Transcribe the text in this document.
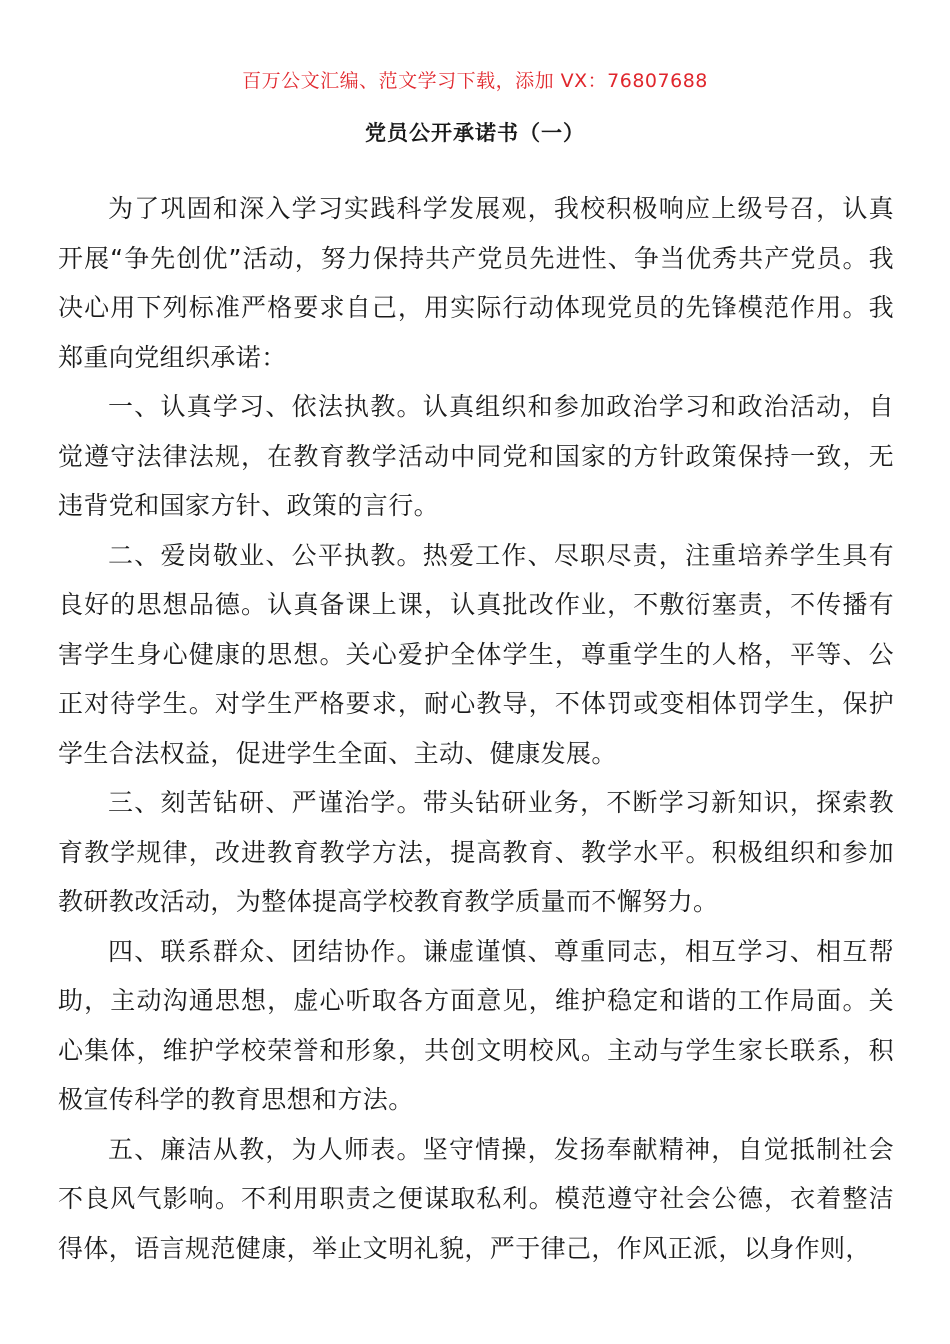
百万公文汇编、范文学习下载，添加 VX：76807688
党员公开承诺书（一）

为了巩固和深入学习实践科学发展观，我校积极响应上级号召，认真开展“争先创优”活动，努力保持共产党员先进性、争当优秀共产党员。我决心用下列标准严格要求自己，用实际行动体现党员的先锋模范作用。我郑重向党组织承诺：

一、认真学习、依法执教。认真组织和参加政治学习和政治活动，自觉遵守法律法规，在教育教学活动中同党和国家的方针政策保持一致，无违背党和国家方针、政策的言行。

二、爱岗敬业、公平执教。热爱工作、尽职尽责，注重培养学生具有良好的思想品德。认真备课上课，认真批改作业，不敷衍塞责，不传播有害学生身心健康的思想。关心爱护全体学生，尊重学生的人格，平等、公正对待学生。对学生严格要求，耐心教导，不体罚或变相体罚学生，保护学生合法权益，促进学生全面、主动、健康发展。

三、刻苦钻研、严谨治学。带头钻研业务，不断学习新知识，探索教育教学规律，改进教育教学方法，提高教育、教学水平。积极组织和参加教研教改活动，为整体提高学校教育教学质量而不懈努力。

四、联系群众、团结协作。谦虚谨慎、尊重同志，相互学习、相互帮助，主动沟通思想，虚心听取各方面意见，维护稳定和谐的工作局面。关心集体，维护学校荣誉和形象，共创文明校风。主动与学生家长联系，积极宣传科学的教育思想和方法。

五、廉洁从教，为人师表。坚守情操，发扬奉献精神，自觉抵制社会不良风气影响。不利用职责之便谋取私利。模范遵守社会公德，衣着整洁得体，语言规范健康，举止文明礼貌，严于律己，作风正派，以身作则，
